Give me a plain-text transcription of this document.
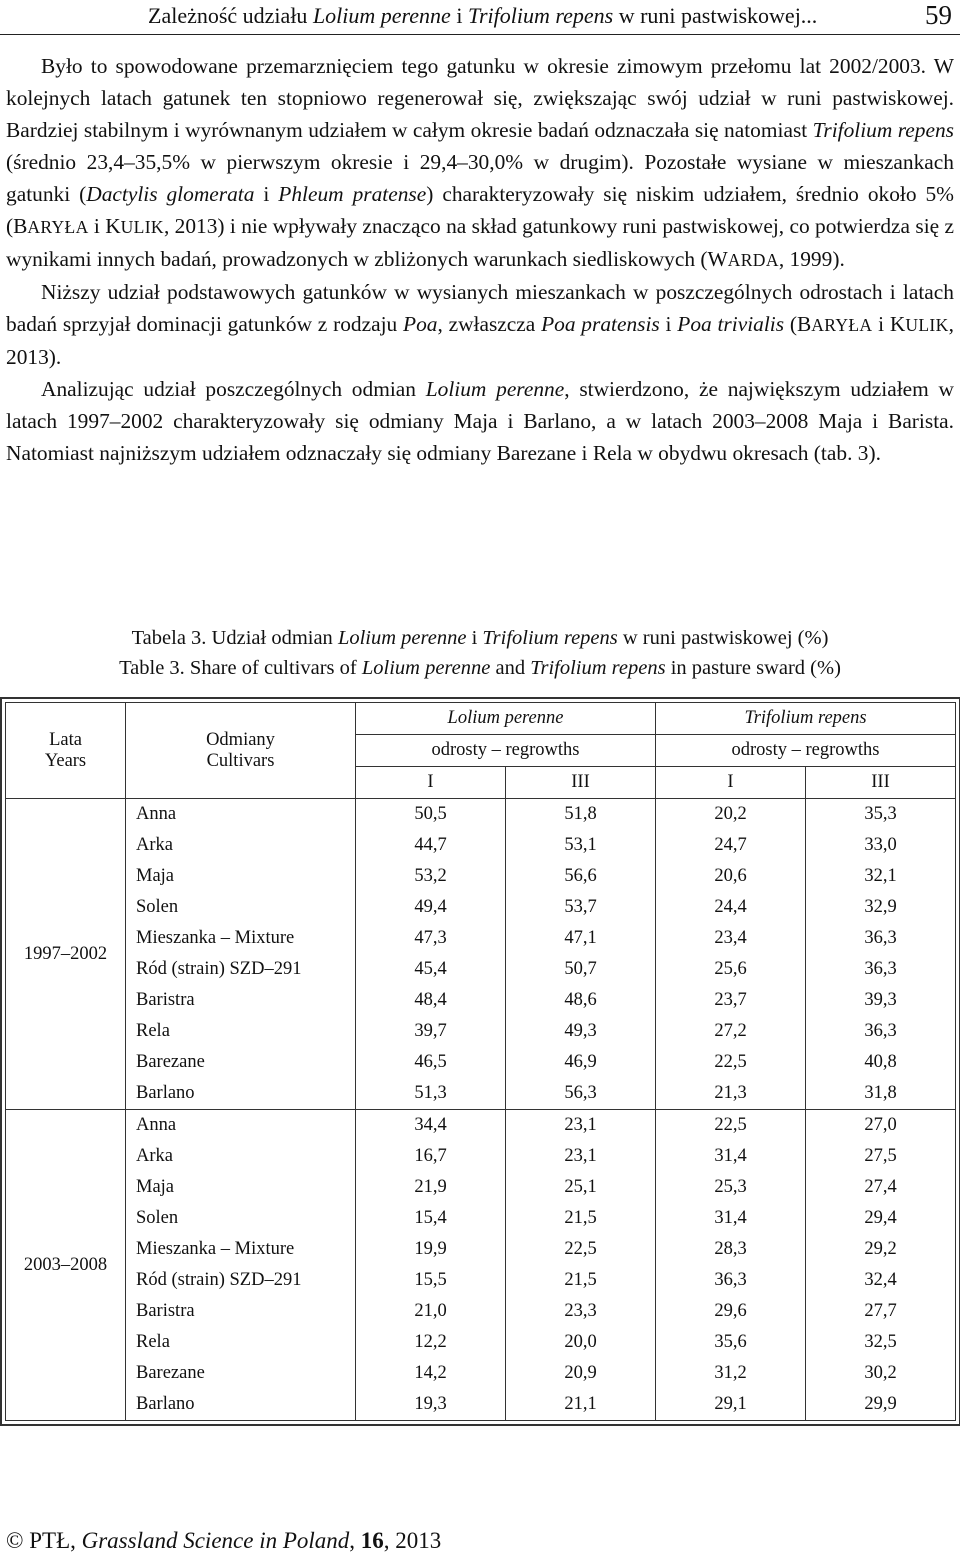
Zależność udziału Lolium perenne i Trifolium repens w runi pastwiskowej...	59

Było to spowodowane przemarznięciem tego gatunku w okresie zimowym przełomu lat 2002/2003. W kolejnych latach gatunek ten stopniowo regenerował się, zwiększając swój udział w runi pastwiskowej. Bardziej stabilnym i wyrównanym udziałem w całym okresie badań odznaczała się natomiast Trifolium repens (średnio 23,4–35,5% w pierwszym okresie i 29,4–30,0% w drugim). Pozostałe wysiane w mieszankach gatunki (Dactylis glomerata i Phleum pratense) charakteryzowały się niskim udziałem, średnio około 5% (BARYŁA i KULIK, 2013) i nie wpływały znacząco na skład gatunkowy runi pastwiskowej, co potwierdza się z wynikami innych badań, prowadzonych w zbliżonych warunkach siedliskowych (WARDA, 1999).

Niższy udział podstawowych gatunków w wysianych mieszankach w poszczególnych odrostach i latach badań sprzyjał dominacji gatunków z rodzaju Poa, zwłaszcza Poa pratensis i Poa trivialis (BARYŁA i KULIK, 2013).

Analizując udział poszczególnych odmian Lolium perenne, stwierdzono, że największym udziałem w latach 1997–2002 charakteryzowały się odmiany Maja i Barlano, a w latach 2003–2008 Maja i Barista. Natomiast najniższym udziałem odznaczały się odmiany Barezane i Rela w obydwu okresach (tab. 3).

Tabela 3. Udział odmian Lolium perenne i Trifolium repens w runi pastwiskowej (%)
Table 3. Share of cultivars of Lolium perenne and Trifolium repens in pasture sward (%)
Lata
Years	Odmiany
Cultivars	Lolium perenne		Trifolium repens	
		odrosty – regrowths		odrosty – regrowths	
		I	III	I	III
1997–2002	Anna	50,5	51,8	20,2	35,3
	Arka	44,7	53,1	24,7	33,0
	Maja	53,2	56,6	20,6	32,1
	Solen	49,4	53,7	24,4	32,9
	Mieszanka – Mixture	47,3	47,1	23,4	36,3
	Ród (strain) SZD–291	45,4	50,7	25,6	36,3
	Baristra	48,4	48,6	23,7	39,3
	Rela	39,7	49,3	27,2	36,3
	Barezane	46,5	46,9	22,5	40,8
	Barlano	51,3	56,3	21,3	31,8
2003–2008	Anna	34,4	23,1	22,5	27,0
	Arka	16,7	23,1	31,4	27,5
	Maja	21,9	25,1	25,3	27,4
	Solen	15,4	21,5	31,4	29,4
	Mieszanka – Mixture	19,9	22,5	28,3	29,2
	Ród (strain) SZD–291	15,5	21,5	36,3	32,4
	Baristra	21,0	23,3	29,6	27,7
	Rela	12,2	20,0	35,6	32,5
	Barezane	14,2	20,9	31,2	30,2
	Barlano	19,3	21,1	29,1	29,9
© PTŁ, Grassland Science in Poland, 16, 2013
